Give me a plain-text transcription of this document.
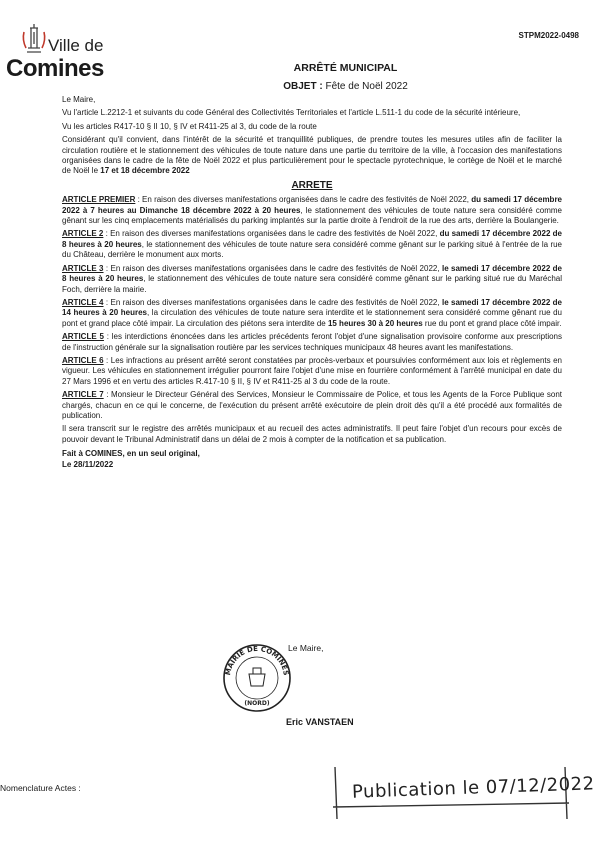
Ville de
Comines
STPM2022-0498
ARRÊTÉ MUNICIPAL
OBJET : Fête de Noël 2022

Le Maire,

Vu l'article L.2212-1 et suivants du code Général des Collectivités Territoriales et l'article L.511-1 du code de la sécurité intérieure,

Vu les articles R417-10 § II 10, § IV et R411-25 al 3, du code de la route

Considérant qu'il convient, dans l'intérêt de la sécurité et tranquillité publiques, de prendre toutes les mesures utiles afin de faciliter la circulation routière et le stationnement des véhicules de toute nature dans une partie du territoire de la ville, à l'occasion des manifestations organisées dans le cadre de la fête de Noël 2022 et plus particulièrement pour le spectacle pyrotechnique, le cortège de Noël et le marché de Noël le 17 et 18 décembre 2022

ARRETE

ARTICLE PREMIER : En raison des diverses manifestations organisées dans le cadre des festivités de Noël 2022, du samedi 17 décembre 2022 à 7 heures au Dimanche 18 décembre 2022 à 20 heures, le stationnement des véhicules de toute nature sera considéré comme gênant sur les cinq emplacements matérialisés du parking implantés sur la partie droite à l'endroit de la rue des arts, derrière la Boulangerie.

ARTICLE 2 : En raison des diverses manifestations organisées dans le cadre des festivités de Noël 2022, du samedi 17 décembre 2022 de 8 heures à 20 heures, le stationnement des véhicules de toute nature sera considéré comme gênant sur le parking situé à l'entrée de la rue du Château, derrière le monument aux morts.

ARTICLE 3 : En raison des diverses manifestations organisées dans le cadre des festivités de Noël 2022, le samedi 17 décembre 2022 de 8 heures à 20 heures, le stationnement des véhicules de toute nature sera considéré comme gênant sur le parking situé rue du Maréchal Foch, derrière la mairie.

ARTICLE 4 : En raison des diverses manifestations organisées dans le cadre des festivités de Noël 2022, le samedi 17 décembre 2022 de 14 heures à 20 heures, la circulation des véhicules de toute nature sera interdite et le stationnement sera considéré comme gênant rue du pont et grand place côté impair. La circulation des piétons sera interdite de 15 heures 30 à 20 heures rue du pont et grand place côté impair.

ARTICLE 5 : les interdictions énoncées dans les articles précédents feront l'objet d'une signalisation provisoire conforme aux prescriptions de l'instruction générale sur la signalisation routière par les services techniques municipaux 48 heures avant les manifestations.

ARTICLE 6 : Les infractions au présent arrêté seront constatées par procès-verbaux et poursuivies conformément aux lois et règlements en vigueur. Les véhicules en stationnement irrégulier pourront faire l'objet d'une mise en fourrière conformément à l'arrêté municipal en date du 27 Mars 1996 et en vertu des articles R.417-10 § II, § IV et R411-25 al 3 du code de la route.

ARTICLE 7 : Monsieur le Directeur Général des Services, Monsieur le Commissaire de Police, et tous les Agents de la Force Publique sont chargés, chacun en ce qui le concerne, de l'exécution du présent arrêté exécutoire de plein droit dès qu'il a été procédé aux formalités de publication.

Il sera transcrit sur le registre des arrêtés municipaux et au recueil des actes administratifs. Il peut faire l'objet d'un recours pour excès de pouvoir devant le Tribunal Administratif dans un délai de 2 mois à compter de la notification et sa publication.

Fait à COMINES, en un seul original,
Le 28/11/2022
Le Maire,
MAIRIE DE COMINES
(NORD)
Eric VANSTAEN
Nomenclature Actes :	Publication le 07/12/2022
